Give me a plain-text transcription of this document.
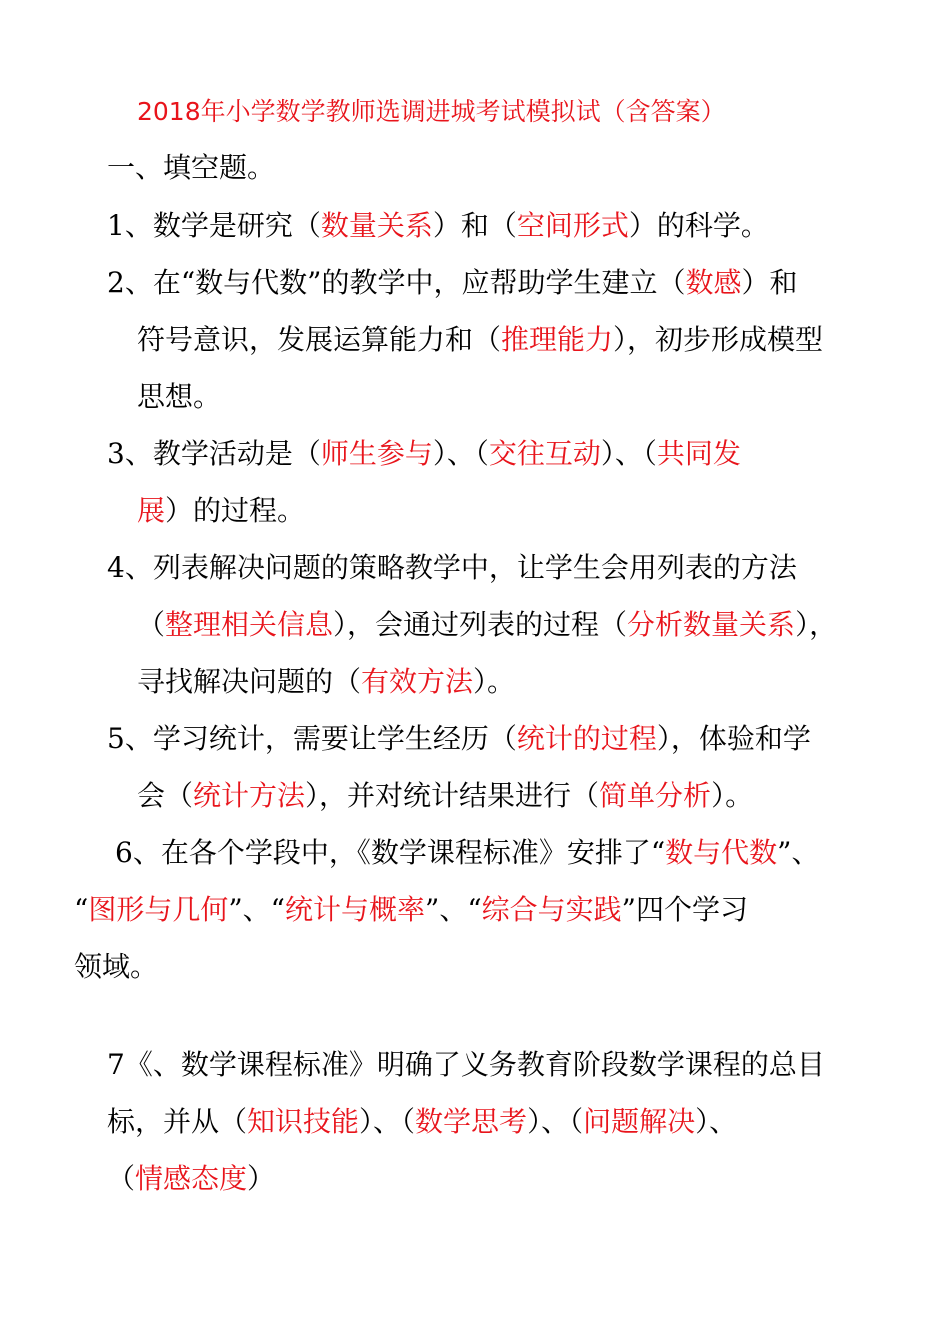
2018年小学数学教师选调进城考试模拟试（含答案）
一、填空题。
1、数学是研究（数量关系）和（空间形式）的科学。
2、在“数与代数”的教学中，应帮助学生建立（数感）和
符号意识，发展运算能力和（推理能力），初步形成模型
思想。
3、教学活动是（师生参与）、（交往互动）、（共同发
展）的过程。
4、列表解决问题的策略教学中，让学生会用列表的方法
（整理相关信息），会通过列表的过程（分析数量关系），
寻找解决问题的（有效方法）。
5、学习统计，需要让学生经历（统计的过程），体验和学
会（统计方法），并对统计结果进行（简单分析）。
6、在各个学段中，《数学课程标准》安排了“数与代数”、
“图形与几何”、“统计与概率”、“综合与实践”四个学习
领域。
7《、数学课程标准》明确了义务教育阶段数学课程的总目
标，并从（知识技能）、（数学思考）、（问题解决）、
（情感态度）
